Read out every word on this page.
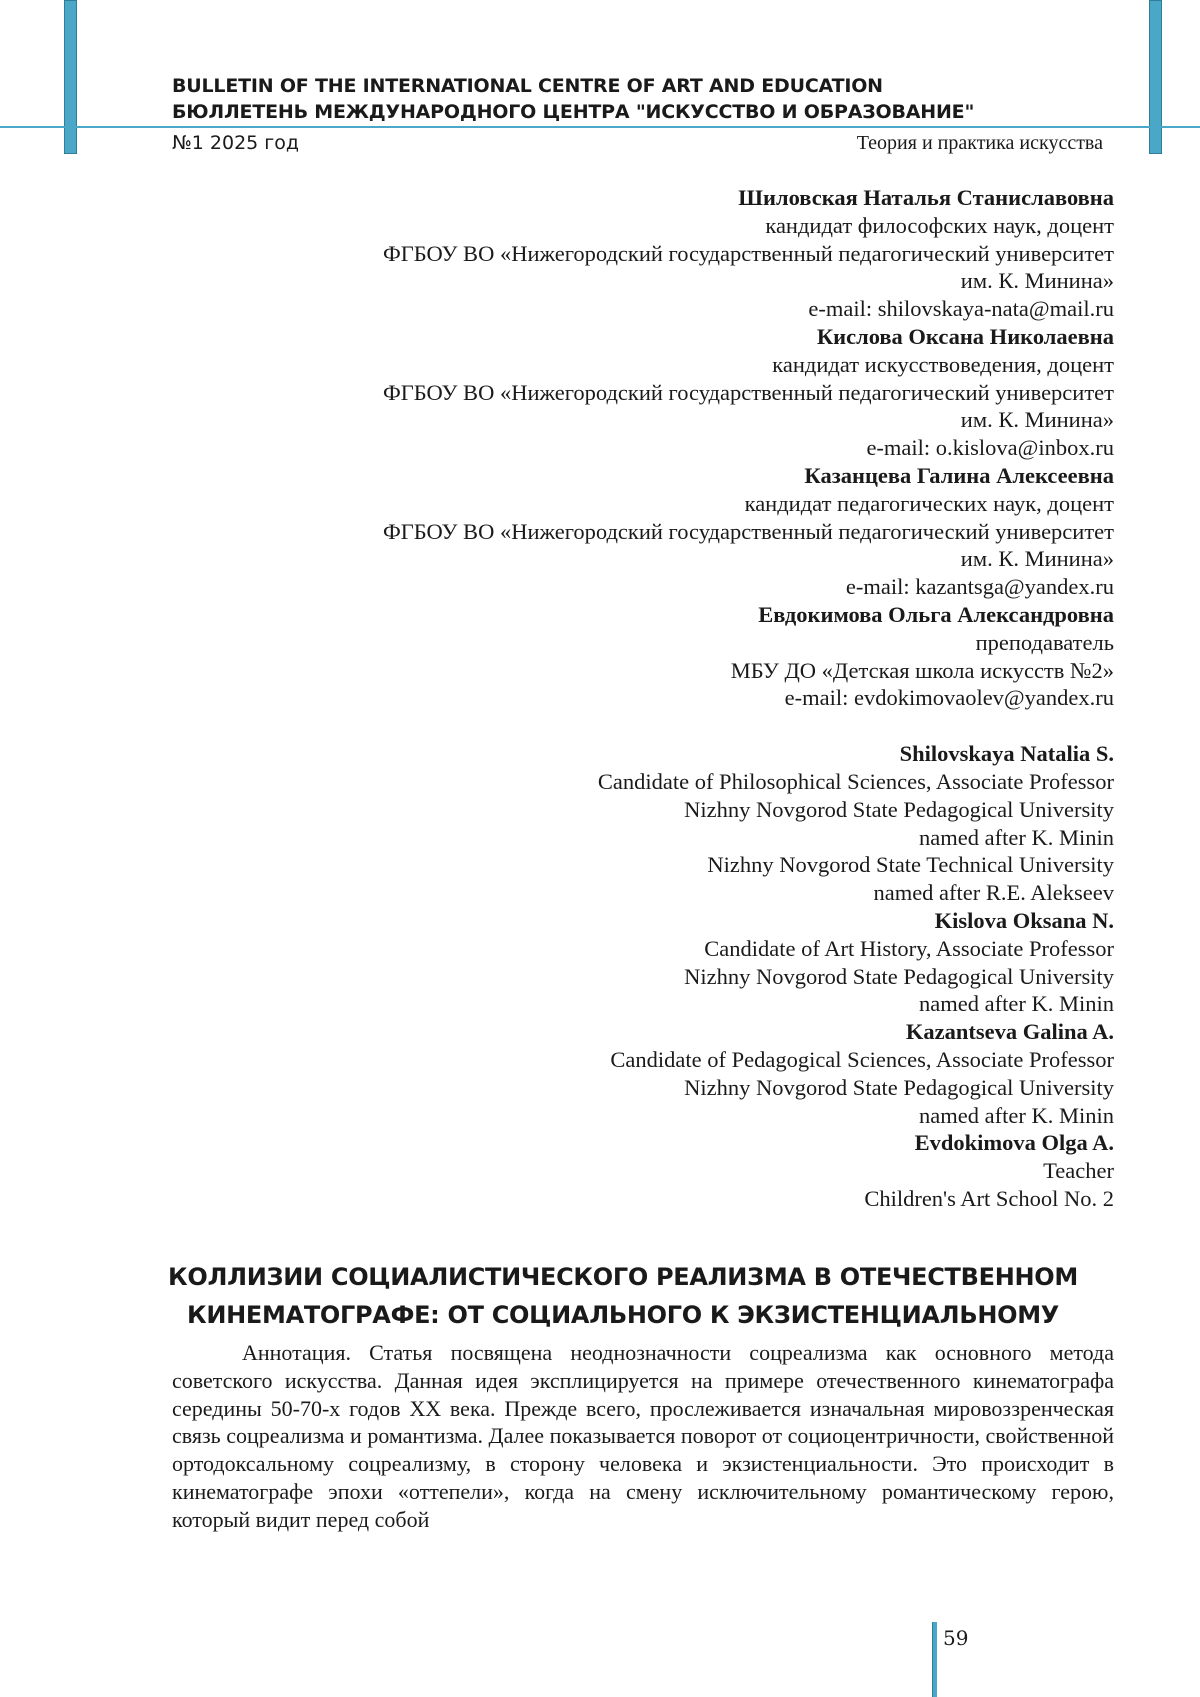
BULLETIN OF THE INTERNATIONAL CENTRE OF ART AND EDUCATION
БЮЛЛЕТЕНЬ МЕЖДУНАРОДНОГО ЦЕНТРА "ИСКУССТВО И ОБРАЗОВАНИЕ"
№1 2025 год	Теория и практика искусства
Шиловская Наталья Станиславовна
кандидат философских наук, доцент
ФГБОУ ВО «Нижегородский государственный педагогический университет
им. К. Минина»
e-mail: shilovskaya-nata@mail.ru
Кислова Оксана Николаевна
кандидат искусствоведения, доцент
ФГБОУ ВО «Нижегородский государственный педагогический университет
им. К. Минина»
e-mail: o.kislova@inbox.ru
Казанцева Галина Алексеевна
кандидат педагогических наук, доцент
ФГБОУ ВО «Нижегородский государственный педагогический университет
им. К. Минина»
e-mail: kazantsga@yandex.ru
Евдокимова Ольга Александровна
преподаватель
МБУ ДО «Детская школа искусств №2»
e-mail: evdokimovaolev@yandex.ru
Shilovskaya Natalia S.
Candidate of Philosophical Sciences, Associate Professor
Nizhny Novgorod State Pedagogical University
named after K. Minin
Nizhny Novgorod State Technical University
named after R.E. Alekseev
Kislova Oksana N.
Candidate of Art History, Associate Professor
Nizhny Novgorod State Pedagogical University
named after K. Minin
Kazantseva Galina A.
Candidate of Pedagogical Sciences, Associate Professor
Nizhny Novgorod State Pedagogical University
named after K. Minin
Evdokimova Olga A.
Teacher
Children's Art School No. 2
КОЛЛИЗИИ СОЦИАЛИСТИЧЕСКОГО РЕАЛИЗМА В ОТЕЧЕСТВЕННОМ
КИНЕМАТОГРАФЕ: ОТ СОЦИАЛЬНОГО К ЭКЗИСТЕНЦИАЛЬНОМУ
Аннотация. Статья посвящена неоднозначности соцреализма как основного метода советского искусства. Данная идея эксплицируется на примере отечественного кинематографа середины 50-70-х годов XX века. Прежде всего, прослеживается изначальная мировоззренческая связь соцреализма и романтизма. Далее показывается поворот от социоцентричности, свойственной ортодоксальному соцреализму, в сторону человека и экзистенциальности. Это происходит в кинематографе эпохи «оттепели», когда на смену исключительному романтическому герою, который видит перед собой
59
